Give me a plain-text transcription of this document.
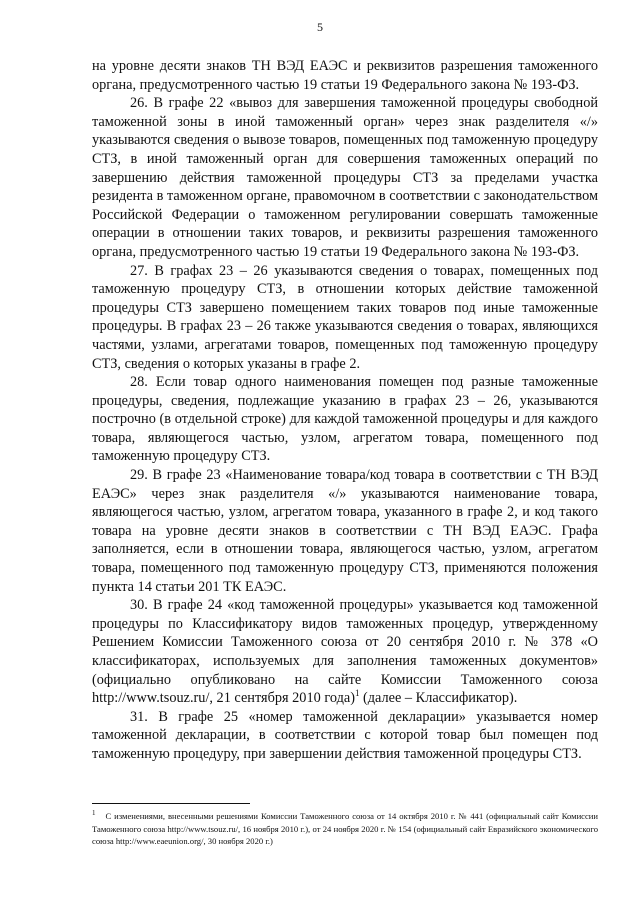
5

на уровне десяти знаков ТН ВЭД ЕАЭС и реквизитов разрешения таможенного органа, предусмотренного частью 19 статьи 19 Федерального закона № 193-ФЗ.

26. В графе 22 «вывоз для завершения таможенной процедуры свободной таможенной зоны в иной таможенный орган» через знак разделителя «/» указываются сведения о вывозе товаров, помещенных под таможенную процедуру СТЗ, в иной таможенный орган для совершения таможенных операций по завершению действия таможенной процедуры СТЗ за пределами участка резидента в таможенном органе, правомочном в соответствии с законодательством Российской Федерации о таможенном регулировании совершать таможенные операции в отношении таких товаров, и реквизиты разрешения таможенного органа, предусмотренного частью 19 статьи 19 Федерального закона № 193-ФЗ.

27. В графах 23 – 26 указываются сведения о товарах, помещенных под таможенную процедуру СТЗ, в отношении которых действие таможенной процедуры СТЗ завершено помещением таких товаров под иные таможенные процедуры. В графах 23 – 26 также указываются сведения о товарах, являющихся частями, узлами, агрегатами товаров, помещенных под таможенную процедуру СТЗ, сведения о которых указаны в графе 2.

28. Если товар одного наименования помещен под разные таможенные процедуры, сведения, подлежащие указанию в графах 23 – 26, указываются построчно (в отдельной строке) для каждой таможенной процедуры и для каждого товара, являющегося частью, узлом, агрегатом товара, помещенного под таможенную процедуру СТЗ.

29. В графе 23 «Наименование товара/код товара в соответствии с ТН ВЭД ЕАЭС» через знак разделителя «/» указываются наименование товара, являющегося частью, узлом, агрегатом товара, указанного в графе 2, и код такого товара на уровне десяти знаков в соответствии с ТН ВЭД ЕАЭС. Графа заполняется, если в отношении товара, являющегося частью, узлом, агрегатом товара, помещенного под таможенную процедуру СТЗ, применяются положения пункта 14 статьи 201 ТК ЕАЭС.

30. В графе 24 «код таможенной процедуры» указывается код таможенной процедуры по Классификатору видов таможенных процедур, утвержденному Решением Комиссии Таможенного союза от 20 сентября 2010 г. № 378 «О классификаторах, используемых для заполнения таможенных документов» (официально опубликовано на сайте Комиссии Таможенного союза http://www.tsouz.ru/, 21 сентября 2010 года)$^1$ (далее – Классификатор).

31. В графе 25 «номер таможенной декларации» указывается номер таможенной декларации, в соответствии с которой товар был помещен под таможенную процедуру, при завершении действия таможенной процедуры СТЗ.

$^1$ С изменениями, внесенными решениями Комиссии Таможенного союза от 14 октября 2010 г. № 441 (официальный сайт Комиссии Таможенного союза http://www.tsouz.ru/, 16 ноября 2010 г.), от 24 ноября 2020 г. № 154 (официальный сайт Евразийского экономического союза http://www.eaeunion.org/, 30 ноября 2020 г.)
